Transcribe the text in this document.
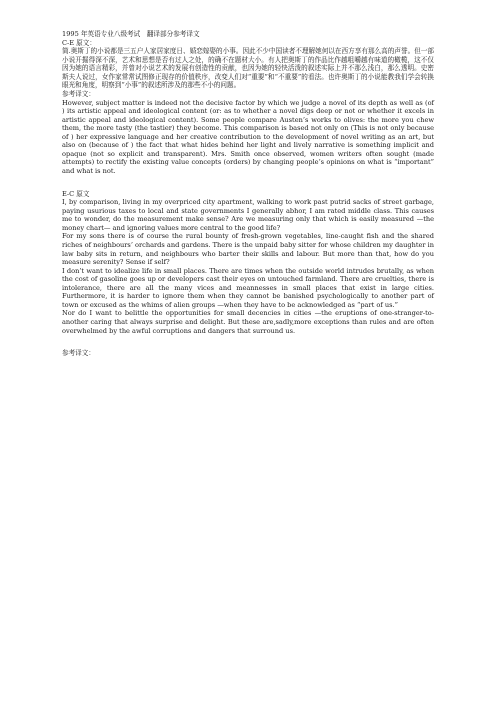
1995 年英语专业八级考试　翻译部分参考译文

C-E 原文：

简.奥斯丁的小说都是三五户人家居家度日、婚恋嫁娶的小事。因此不少中国读者不理解她何以在西方享有那么高的声誉。但一部小说开掘得深不深，艺术和思想是否有过人之处，的确不在题材大小。有人把奥斯丁的作品比作越咀嚼越有味道的橄榄，这不仅因为她的语言精彩，并曾对小说艺术的发展有创造性的贡献，也因为她的轻快活泼的叙述实际上并不那么浅白，那么透明。史密斯夫人说过，女作家常常试图修正现存的价值秩序，改变人们对“重要”和“不重要”的看法。也许奥斯丁的小说能教我们学会转换眼光和角度，明察到“小事”的叙述所涉及的那些不小的问题。

参考译文：

However, subject matter is indeed not the decisive factor by which we judge a novel of its depth as well as (of ) its artistic appeal and ideological content (or: as to whether a novel digs deep or not or whether it excels in artistic appeal and ideological content). Some people compare Austen’s works to olives: the more you chew them, the more tasty (the tastier) they become. This comparison is based not only on (This is not only because of ) her expressive language and her creative contribution to the development of novel writing as an art, but also on (because of ) the fact that what hides behind her light and lively narrative is something implicit and opaque (not so explicit and transparent). Mrs. Smith once observed, women writers often sought (made attempts) to rectify the existing value concepts (orders) by changing people’s opinions on what is “important” and what is not.

E-C 原文

I, by comparison, living in my overpriced city apartment, walking to work past putrid sacks of street garbage, paying usurious taxes to local and state governments I generally abhor, I am rated middle class. This causes me to wonder, do the measurement make sense? Are we measuring only that which is easily measured —the money chart— and ignoring values more central to the good life?

For my sons there is of course the rural bounty of fresh-grown vegetables, line-caught fish and the shared riches of neighbours’ orchards and gardens. There is the unpaid baby sitter for whose children my daughter in law baby sits in return, and neighbours who barter their skills and labour. But more than that, how do you measure serenity? Sense if self?

I don’t want to idealize life in small places. There are times when the outside world intrudes brutally, as when the cost of gasoline goes up or developers cast their eyes on untouched farmland. There are cruelties, there is intolerance, there are all the many vices and meannesses in small places that exist in large cities. Furthermore, it is harder to ignore them when they cannot be banished psychologically to another part of town or excused as the whims of alien groups —when they have to be acknowledged as “part of us.”

Nor do I want to belittle the opportunities for small decencies in cities —the eruptions of one-stranger-to-another caring that always surprise and delight. But these are,sadly,more exceptions than rules and are often overwhelmed by the awful corruptions and dangers that surround us.

参考译文：
